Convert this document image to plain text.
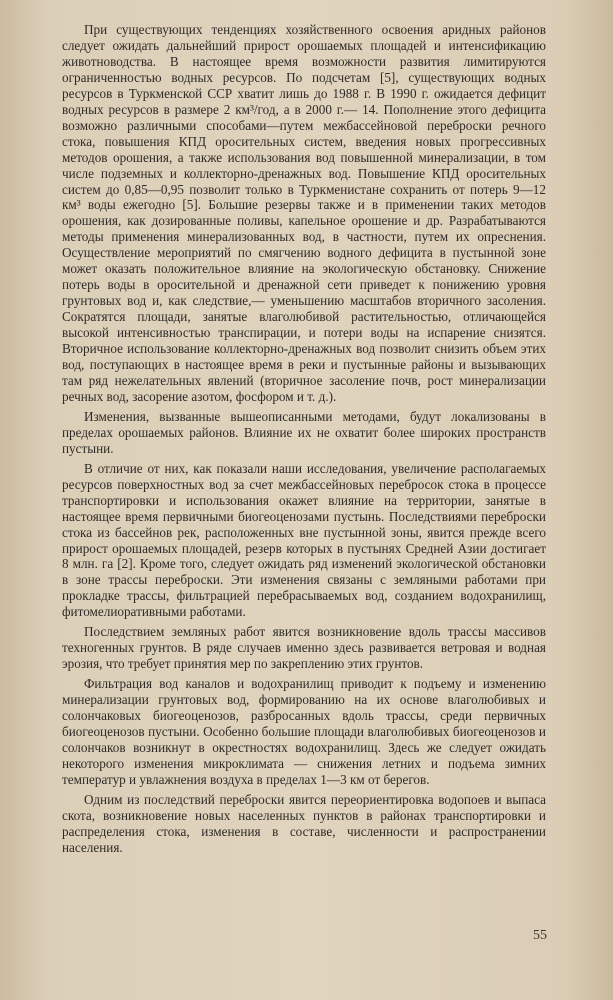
При существующих тенденциях хозяйственного освоения аридных районов следует ожидать дальнейший прирост орошаемых площадей и интенсификацию животноводства. В настоящее время возможности развития лимитируются ограниченностью водных ресурсов. По подсчетам [5], существующих водных ресурсов в Туркменской ССР хватит лишь до 1988 г. В 1990 г. ожидается дефицит водных ресурсов в размере 2 км³/год, а в 2000 г.— 14. Пополнение этого дефицита возможно различными способами—путем межбассейновой переброски речного стока, повышения КПД оросительных систем, введения новых прогрессивных методов орошения, а также использования вод повышенной минерализации, в том числе подземных и коллекторно-дренажных вод. Повышение КПД оросительных систем до 0,85—0,95 позволит только в Туркменистане сохранить от потерь 9—12 км³ воды ежегодно [5]. Большие резервы также и в применении таких методов орошения, как дозированные поливы, капельное орошение и др. Разрабатываются методы применения минерализованных вод, в частности, путем их опреснения. Осуществление мероприятий по смягчению водного дефицита в пустынной зоне может оказать положительное влияние на экологическую обстановку. Снижение потерь воды в оросительной и дренажной сети приведет к понижению уровня грунтовых вод и, как следствие,— уменьшению масштабов вторичного засоления. Сократятся площади, занятые влаголюбивой растительностью, отличающейся высокой интенсивностью транспирации, и потери воды на испарение снизятся. Вторичное использование коллекторно-дренажных вод позволит снизить объем этих вод, поступающих в настоящее время в реки и пустынные районы и вызывающих там ряд нежелательных явлений (вторичное засоление почв, рост минерализации речных вод, засорение азотом, фосфором и т. д.).

Изменения, вызванные вышеописанными методами, будут локализованы в пределах орошаемых районов. Влияние их не охватит более широких пространств пустыни.

В отличие от них, как показали наши исследования, увеличение располагаемых ресурсов поверхностных вод за счет межбассейновых перебросок стока в процессе транспортировки и использования окажет влияние на территории, занятые в настоящее время первичными биогеоценозами пустынь. Последствиями переброски стока из бассейнов рек, расположенных вне пустынной зоны, явится прежде всего прирост орошаемых площадей, резерв которых в пустынях Средней Азии достигает 8 млн. га [2]. Кроме того, следует ожидать ряд изменений экологической обстановки в зоне трассы переброски. Эти изменения связаны с земляными работами при прокладке трассы, фильтрацией перебрасываемых вод, созданием водохранилищ, фитомелиоративными работами.

Последствием земляных работ явится возникновение вдоль трассы массивов техногенных грунтов. В ряде случаев именно здесь развивается ветровая и водная эрозия, что требует принятия мер по закреплению этих грунтов.

Фильтрация вод каналов и водохранилищ приводит к подъему и изменению минерализации грунтовых вод, формированию на их основе влаголюбивых и солончаковых биогеоценозов, разбросанных вдоль трассы, среди первичных биогеоценозов пустыни. Особенно большие площади влаголюбивых биогеоценозов и солончаков возникнут в окрестностях водохранилищ. Здесь же следует ожидать некоторого изменения микроклимата — снижения летних и подъема зимних температур и увлажнения воздуха в пределах 1—3 км от берегов.

Одним из последствий переброски явится переориентировка водопоев и выпаса скота, возникновение новых населенных пунктов в районах транспортировки и распределения стока, изменения в составе, численности и распространении населения.

55
